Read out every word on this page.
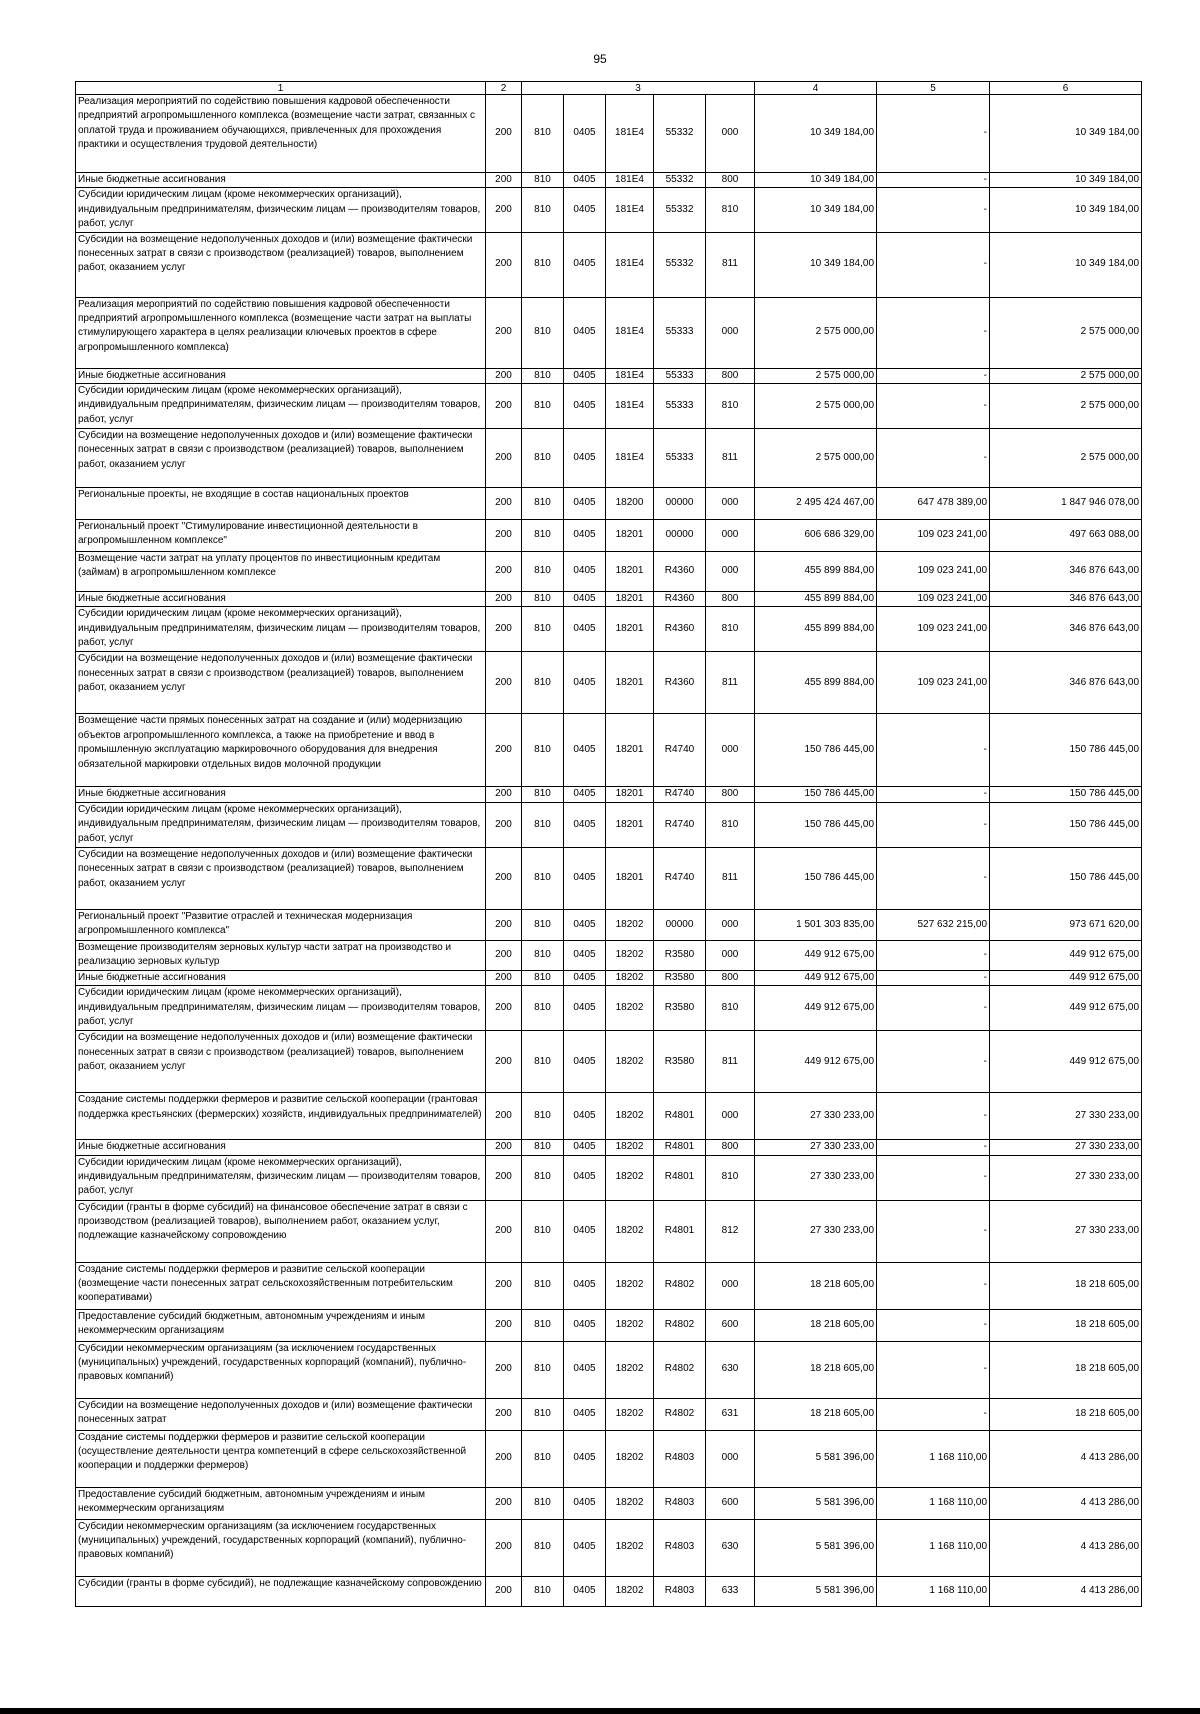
95
1	2	3					4	5	6
Реализация мероприятий по содействию повышения кадровой обеспеченности предприятий агропромышленного комплекса (возмещение части затрат, связанных с оплатой труда и проживанием обучающихся, привлеченных для прохождения практики и осуществления трудовой деятельности)	200	810	0405	181E4	55332	000	10 349 184,00	-	10 349 184,00
Иные бюджетные ассигнования	200	810	0405	181E4	55332	800	10 349 184,00	-	10 349 184,00
Субсидии юридическим лицам (кроме некоммерческих организаций), индивидуальным предпринимателям, физическим лицам — производителям товаров, работ, услуг	200	810	0405	181E4	55332	810	10 349 184,00	-	10 349 184,00
Субсидии на возмещение недополученных доходов и (или) возмещение фактически понесенных затрат в связи с производством (реализацией) товаров, выполнением работ, оказанием услуг	200	810	0405	181E4	55332	811	10 349 184,00	-	10 349 184,00
Реализация мероприятий по содействию повышения кадровой обеспеченности предприятий агропромышленного комплекса (возмещение части затрат на выплаты стимулирующего характера в целях реализации ключевых проектов в сфере агропромышленного комплекса)	200	810	0405	181E4	55333	000	2 575 000,00	-	2 575 000,00
Иные бюджетные ассигнования	200	810	0405	181E4	55333	800	2 575 000,00	-	2 575 000,00
Субсидии юридическим лицам (кроме некоммерческих организаций), индивидуальным предпринимателям, физическим лицам — производителям товаров, работ, услуг	200	810	0405	181E4	55333	810	2 575 000,00	-	2 575 000,00
Субсидии на возмещение недополученных доходов и (или) возмещение фактически понесенных затрат в связи с производством (реализацией) товаров, выполнением работ, оказанием услуг	200	810	0405	181E4	55333	811	2 575 000,00	-	2 575 000,00
Региональные проекты, не входящие в состав национальных проектов	200	810	0405	18200	00000	000	2 495 424 467,00	647 478 389,00	1 847 946 078,00
Региональный проект "Стимулирование инвестиционной деятельности в агропромышленном комплексе"	200	810	0405	18201	00000	000	606 686 329,00	109 023 241,00	497 663 088,00
Возмещение части затрат на уплату процентов по инвестиционным кредитам (займам) в агропромышленном комплексе	200	810	0405	18201	R4360	000	455 899 884,00	109 023 241,00	346 876 643,00
Иные бюджетные ассигнования	200	810	0405	18201	R4360	800	455 899 884,00	109 023 241,00	346 876 643,00
Субсидии юридическим лицам (кроме некоммерческих организаций), индивидуальным предпринимателям, физическим лицам — производителям товаров, работ, услуг	200	810	0405	18201	R4360	810	455 899 884,00	109 023 241,00	346 876 643,00
Субсидии на возмещение недополученных доходов и (или) возмещение фактически понесенных затрат в связи с производством (реализацией) товаров, выполнением работ, оказанием услуг	200	810	0405	18201	R4360	811	455 899 884,00	109 023 241,00	346 876 643,00
Возмещение части прямых понесенных затрат на создание и (или) модернизацию объектов агропромышленного комплекса, а также на приобретение и ввод в промышленную эксплуатацию маркировочного оборудования для внедрения обязательной маркировки отдельных видов молочной продукции	200	810	0405	18201	R4740	000	150 786 445,00	-	150 786 445,00
Иные бюджетные ассигнования	200	810	0405	18201	R4740	800	150 786 445,00	-	150 786 445,00
Субсидии юридическим лицам (кроме некоммерческих организаций), индивидуальным предпринимателям, физическим лицам — производителям товаров, работ, услуг	200	810	0405	18201	R4740	810	150 786 445,00	-	150 786 445,00
Субсидии на возмещение недополученных доходов и (или) возмещение фактически понесенных затрат в связи с производством (реализацией) товаров, выполнением работ, оказанием услуг	200	810	0405	18201	R4740	811	150 786 445,00	-	150 786 445,00
Региональный проект "Развитие отраслей и техническая модернизация агропромышленного комплекса"	200	810	0405	18202	00000	000	1 501 303 835,00	527 632 215,00	973 671 620,00
Возмещение производителям зерновых культур части затрат на производство и реализацию зерновых культур	200	810	0405	18202	R3580	000	449 912 675,00	-	449 912 675,00
Иные бюджетные ассигнования	200	810	0405	18202	R3580	800	449 912 675,00	-	449 912 675,00
Субсидии юридическим лицам (кроме некоммерческих организаций), индивидуальным предпринимателям, физическим лицам — производителям товаров, работ, услуг	200	810	0405	18202	R3580	810	449 912 675,00	-	449 912 675,00
Субсидии на возмещение недополученных доходов и (или) возмещение фактически понесенных затрат в связи с производством (реализацией) товаров, выполнением работ, оказанием услуг	200	810	0405	18202	R3580	811	449 912 675,00	-	449 912 675,00
Создание системы поддержки фермеров и развитие сельской кооперации (грантовая поддержка крестьянских (фермерских) хозяйств, индивидуальных предпринимателей)	200	810	0405	18202	R4801	000	27 330 233,00	-	27 330 233,00
Иные бюджетные ассигнования	200	810	0405	18202	R4801	800	27 330 233,00	-	27 330 233,00
Субсидии юридическим лицам (кроме некоммерческих организаций), индивидуальным предпринимателям, физическим лицам — производителям товаров, работ, услуг	200	810	0405	18202	R4801	810	27 330 233,00	-	27 330 233,00
Субсидии (гранты в форме субсидий) на финансовое обеспечение затрат в связи с производством (реализацией товаров), выполнением работ, оказанием услуг, подлежащие казначейскому сопровождению	200	810	0405	18202	R4801	812	27 330 233,00	-	27 330 233,00
Создание системы поддержки фермеров и развитие сельской кооперации (возмещение части понесенных затрат сельскохозяйственным потребительским кооперативами)	200	810	0405	18202	R4802	000	18 218 605,00	-	18 218 605,00
Предоставление субсидий бюджетным, автономным учреждениям и иным некоммерческим организациям	200	810	0405	18202	R4802	600	18 218 605,00	-	18 218 605,00
Субсидии некоммерческим организациям (за исключением государственных (муниципальных) учреждений, государственных корпораций (компаний), публично-правовых компаний)	200	810	0405	18202	R4802	630	18 218 605,00	-	18 218 605,00
Субсидии на возмещение недополученных доходов и (или) возмещение фактически понесенных затрат	200	810	0405	18202	R4802	631	18 218 605,00	-	18 218 605,00
Создание системы поддержки фермеров и развитие сельской кооперации (осуществление деятельности центра компетенций в сфере сельскохозяйственной кооперации и поддержки фермеров)	200	810	0405	18202	R4803	000	5 581 396,00	1 168 110,00	4 413 286,00
Предоставление субсидий бюджетным, автономным учреждениям и иным некоммерческим организациям	200	810	0405	18202	R4803	600	5 581 396,00	1 168 110,00	4 413 286,00
Субсидии некоммерческим организациям (за исключением государственных (муниципальных) учреждений, государственных корпораций (компаний), публично-правовых компаний)	200	810	0405	18202	R4803	630	5 581 396,00	1 168 110,00	4 413 286,00
Субсидии (гранты в форме субсидий), не подлежащие казначейскому сопровождению	200	810	0405	18202	R4803	633	5 581 396,00	1 168 110,00	4 413 286,00
